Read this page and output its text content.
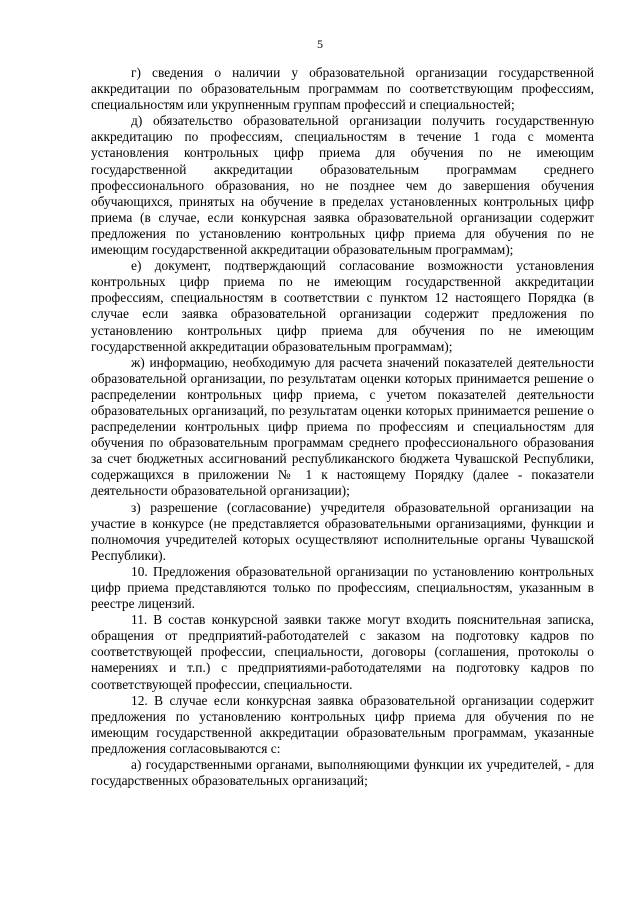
5

г) сведения о наличии у образовательной организации государственной аккредитации по образовательным программам по соответствующим профессиям, специальностям или укрупненным группам профессий и специальностей;

д) обязательство образовательной организации получить государственную аккредитацию по профессиям, специальностям в течение 1 года с момента установления контрольных цифр приема для обучения по не имеющим государственной аккредитации образовательным программам среднего профессионального образования, но не позднее чем до завершения обучения обучающихся, принятых на обучение в пределах установленных контрольных цифр приема (в случае, если конкурсная заявка образовательной организации содержит предложения по установлению контрольных цифр приема для обучения по не имеющим государственной аккредитации образовательным программам);

е) документ, подтверждающий согласование возможности установления контрольных цифр приема по не имеющим государственной аккредитации профессиям, специальностям в соответствии с пунктом 12 настоящего Порядка (в случае если заявка образовательной организации содержит предложения по установлению контрольных цифр приема для обучения по не имеющим государственной аккредитации образовательным программам);

ж) информацию, необходимую для расчета значений показателей деятельности образовательной организации, по результатам оценки которых принимается решение о распределении контрольных цифр приема, с учетом показателей деятельности образовательных организаций, по результатам оценки которых принимается решение о распределении контрольных цифр приема по профессиям и специальностям для обучения по образовательным программам среднего профессионального образования за счет бюджетных ассигнований республиканского бюджета Чувашской Республики, содержащихся в приложении № 1 к настоящему Порядку (далее - показатели деятельности образовательной организации);

з) разрешение (согласование) учредителя образовательной организации на участие в конкурсе (не представляется образовательными организациями, функции и полномочия учредителей которых осуществляют исполнительные органы Чувашской Республики).

10. Предложения образовательной организации по установлению контрольных цифр приема представляются только по профессиям, специальностям, указанным в реестре лицензий.

11. В состав конкурсной заявки также могут входить пояснительная записка, обращения от предприятий-работодателей с заказом на подготовку кадров по соответствующей профессии, специальности, договоры (соглашения, протоколы о намерениях и т.п.) с предприятиями-работодателями на подготовку кадров по соответствующей профессии, специальности.

12. В случае если конкурсная заявка образовательной организации содержит предложения по установлению контрольных цифр приема для обучения по не имеющим государственной аккредитации образовательным программам, указанные предложения согласовываются с:

а) государственными органами, выполняющими функции их учредителей, - для государственных образовательных организаций;
